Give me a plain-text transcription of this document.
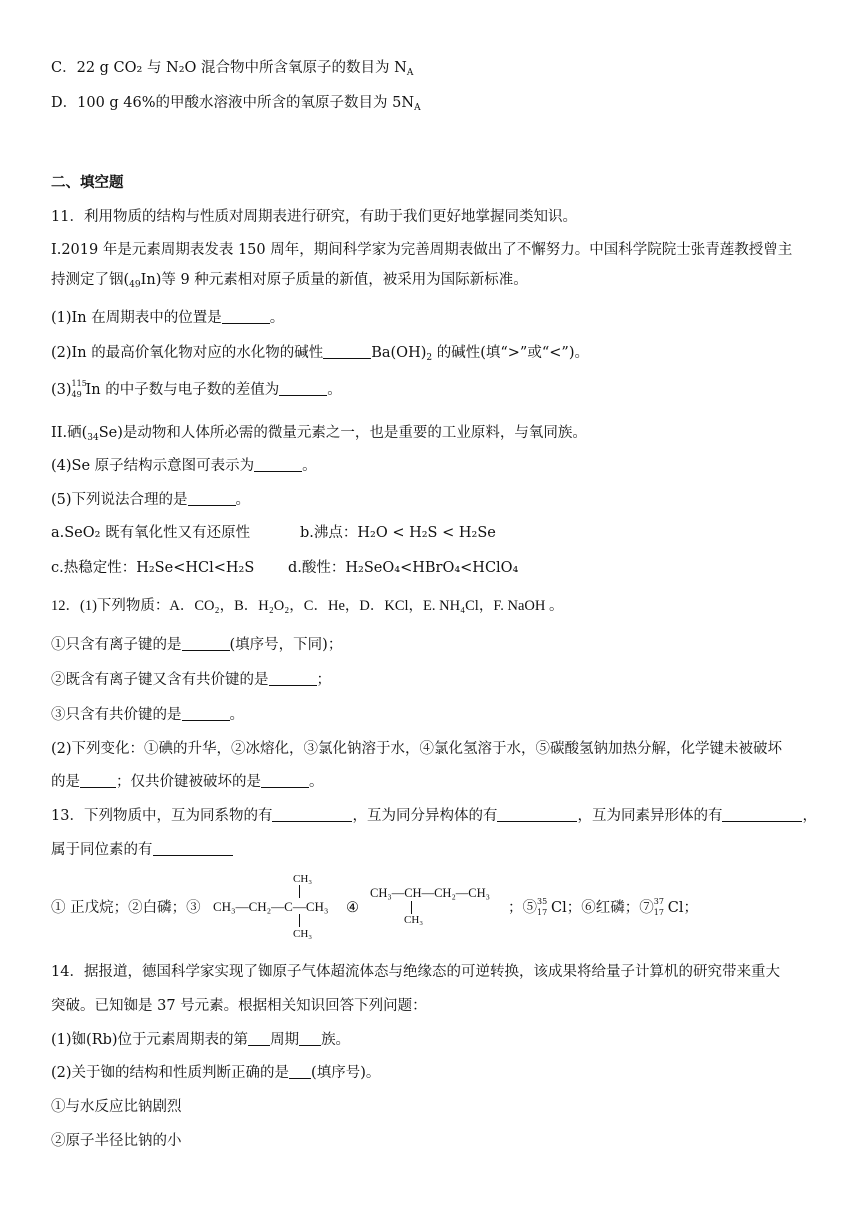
C．22 g CO₂ 与 N₂O 混合物中所含氧原子的数目为 $N_A$
D．100 g 46%的甲酸水溶液中所含的氧原子数目为 $5N_A$
二、填空题
11．利用物质的结构与性质对周期表进行研究，有助于我们更好地掌握同类知识。
I.2019 年是元素周期表发表 150 周年，期间科学家为完善周期表做出了不懈努力。中国科学院院士张青莲教授曾主
持测定了铟$(_{49}In)$等 9 种元素相对原子质量的新值，被采用为国际新标准。
(1)In 在周期表中的位置是	。
(2)In 的最高价氧化物对应的水化物的碱性	$Ba(OH)_2$ 的碱性(填“>”或“<”)。
(3) 115
49 In 的中子数与电子数的差值为	。
II.硒$(_{34}Se)$是动物和人体所必需的微量元素之一，也是重要的工业原料，与氧同族。
(4)Se 原子结构示意图可表示为	。
(5)下列说法合理的是	。
a.SeO₂ 既有氧化性又有还原性	b.沸点：H₂O < H₂S < H₂Se
c.热稳定性：H₂Se<HCl<H₂S d.酸性：H₂SeO₄<HBrO₄<HClO₄
12．(1)下列物质：A．CO₂，B．H₂O₂，C．He，D．KCl，E. NH₄Cl，F. NaOH 。
①只含有离子键的是	(填序号，下同)；
②既含有离子键又含有共价键的是	；
③只含有共价键的是	。
(2)下列变化：①碘的升华，②冰熔化，③氯化钠溶于水，④氯化氢溶于水，⑤碳酸氢钠加热分解，化学键未被破坏
的是 ；仅共价键被破坏的是	。
13．下列物质中，互为同系物的有	，互为同分异构体的有	，互为同素异形体的有	，
属于同位素的有
① 正戊烷；②白磷；③
CH₃
CH₃—CH₂—C—CH₃
CH₃
④
CH₃—CH—CH₂—CH₃
CH₃
；⑤ 35
17 Cl；⑥红磷；⑦ 37
17 Cl；
14．据报道，德国科学家实现了铷原子气体超流体态与绝缘态的可逆转换，该成果将给量子计算机的研究带来重大
突破。已知铷是 37 号元素。根据相关知识回答下列问题：
(1)铷(Rb)位于元素周期表的第 周期 族。
(2)关于铷的结构和性质判断正确的是 (填序号)。
①与水反应比钠剧烈
②原子半径比钠的小
